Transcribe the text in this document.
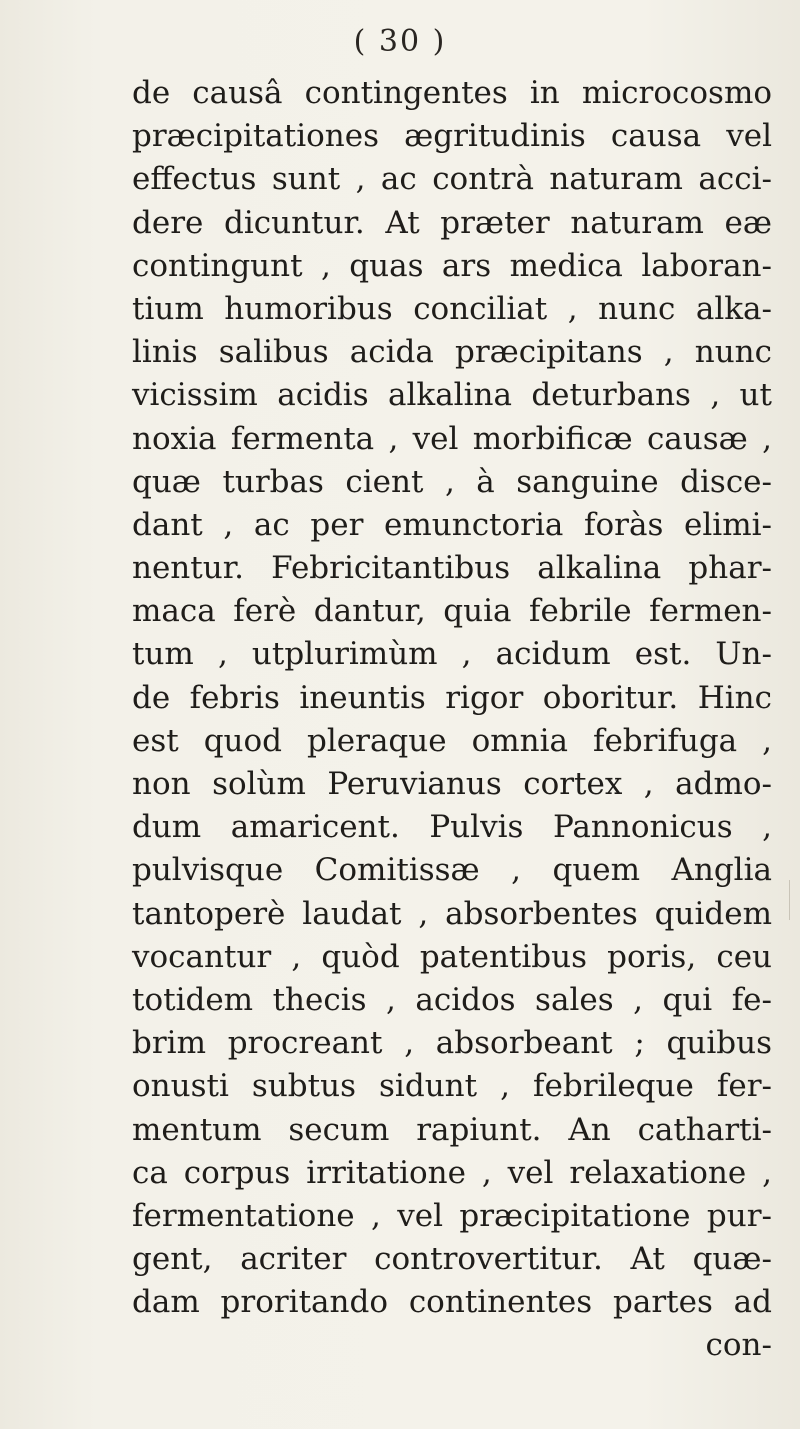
( 30 )
de causâ contingentes in microcosmo
præcipitationes ægritudinis causa vel
effectus sunt , ac contrà naturam acci-
dere dicuntur. At præter naturam eæ
contingunt , quas ars medica laboran-
tium humoribus conciliat , nunc alka-
linis salibus acida præcipitans , nunc
vicissim acidis alkalina deturbans , ut
noxia fermenta , vel morbificæ causæ ,
quæ turbas cient , à sanguine disce-
dant , ac per emunctoria foràs elimi-
nentur. Febricitantibus alkalina phar-
maca ferè dantur, quia febrile fermen-
tum , utplurimùm , acidum est. Un-
de febris ineuntis rigor oboritur. Hinc
est quod pleraque omnia febrifuga ,
non solùm Peruvianus cortex , admo-
dum amaricent. Pulvis Pannonicus ,
pulvisque Comitissæ , quem Anglia
tantoperè laudat , absorbentes quidem
vocantur , quòd patentibus poris, ceu
totidem thecis , acidos sales , qui fe-
brim procreant , absorbeant ; quibus
onusti subtus sidunt , febrileque fer-
mentum secum rapiunt. An catharti-
ca corpus irritatione , vel relaxatione ,
fermentatione , vel præcipitatione pur-
gent, acriter controvertitur. At quæ-
dam proritando continentes partes ad
con-
